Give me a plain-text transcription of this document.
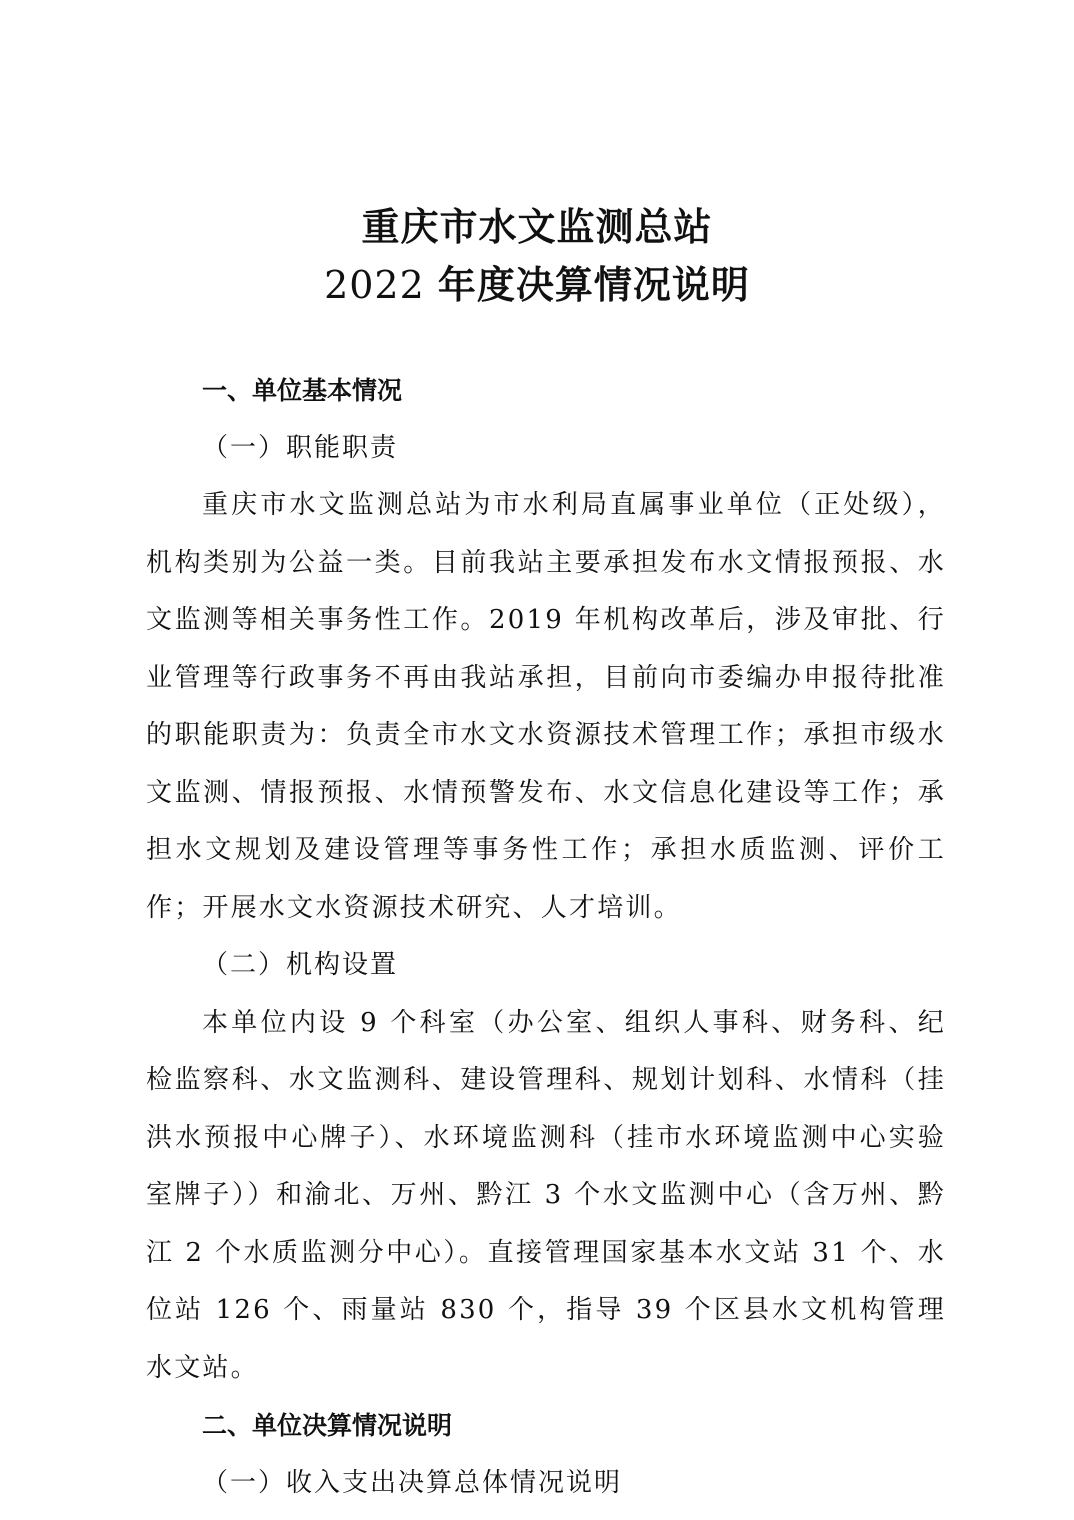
重庆市水文监测总站
2022 年度决算情况说明
一、单位基本情况
（一）职能职责

重庆市水文监测总站为市水利局直属事业单位（正处级），机构类别为公益一类。目前我站主要承担发布水文情报预报、水文监测等相关事务性工作。2019 年机构改革后，涉及审批、行业管理等行政事务不再由我站承担，目前向市委编办申报待批准的职能职责为：负责全市水文水资源技术管理工作；承担市级水文监测、情报预报、水情预警发布、水文信息化建设等工作；承担水文规划及建设管理等事务性工作；承担水质监测、评价工作；开展水文水资源技术研究、人才培训。

（二）机构设置

本单位内设 9 个科室（办公室、组织人事科、财务科、纪检监察科、水文监测科、建设管理科、规划计划科、水情科（挂洪水预报中心牌子）、水环境监测科（挂市水环境监测中心实验室牌子））和渝北、万州、黔江 3 个水文监测中心（含万州、黔江 2 个水质监测分中心）。直接管理国家基本水文站 31 个、水位站 126 个、雨量站 830 个，指导 39 个区县水文机构管理水文站。

二、单位决算情况说明
（一）收入支出决算总体情况说明
